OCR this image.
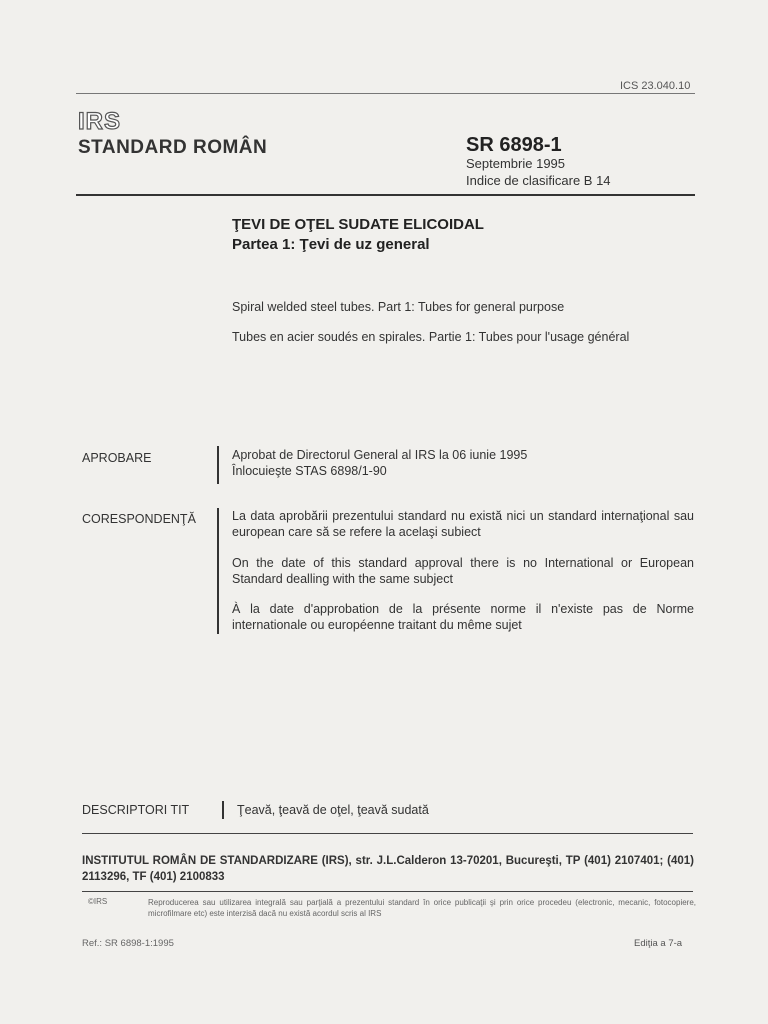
ICS 23.040.10
IRS
STANDARD ROMÂN	SR 6898-1
Septembrie 1995
Indice de clasificare B 14
ŢEVI DE OŢEL SUDATE ELICOIDAL
Partea 1: Ţevi de uz general
Spiral welded steel tubes. Part 1: Tubes for general purpose
Tubes en acier soudés en spirales. Partie 1: Tubes pour l'usage général
APROBARE	Aprobat de Directorul General al IRS la 06 iunie 1995
Înlocuieşte STAS 6898/1-90
CORESPONDENŢĂ	La data aprobării prezentului standard nu există nici un standard internaţional sau european care să se refere la acelaşi subiect
On the date of this standard approval there is no International or European Standard dealling with the same subject
À la date d'approbation de la présente norme il n'existe pas de Norme internationale ou européenne traitant du même sujet
DESCRIPTORI TIT	Ţeavă, ţeavă de oţel, ţeavă sudată
INSTITUTUL ROMÂN DE STANDARDIZARE (IRS), str. J.L.Calderon 13-70201, Bucureşti, TP (401) 2107401; (401) 2113296, TF (401) 2100833
©IRS	Reproducerea sau utilizarea integrală sau parţială a prezentului standard în orice publicaţii şi prin orice procedeu (electronic, mecanic, fotocopiere, microfilmare etc) este interzisă dacă nu există acordul scris al IRS
Ref.: SR 6898-1:1995	Ediţia a 7-a
